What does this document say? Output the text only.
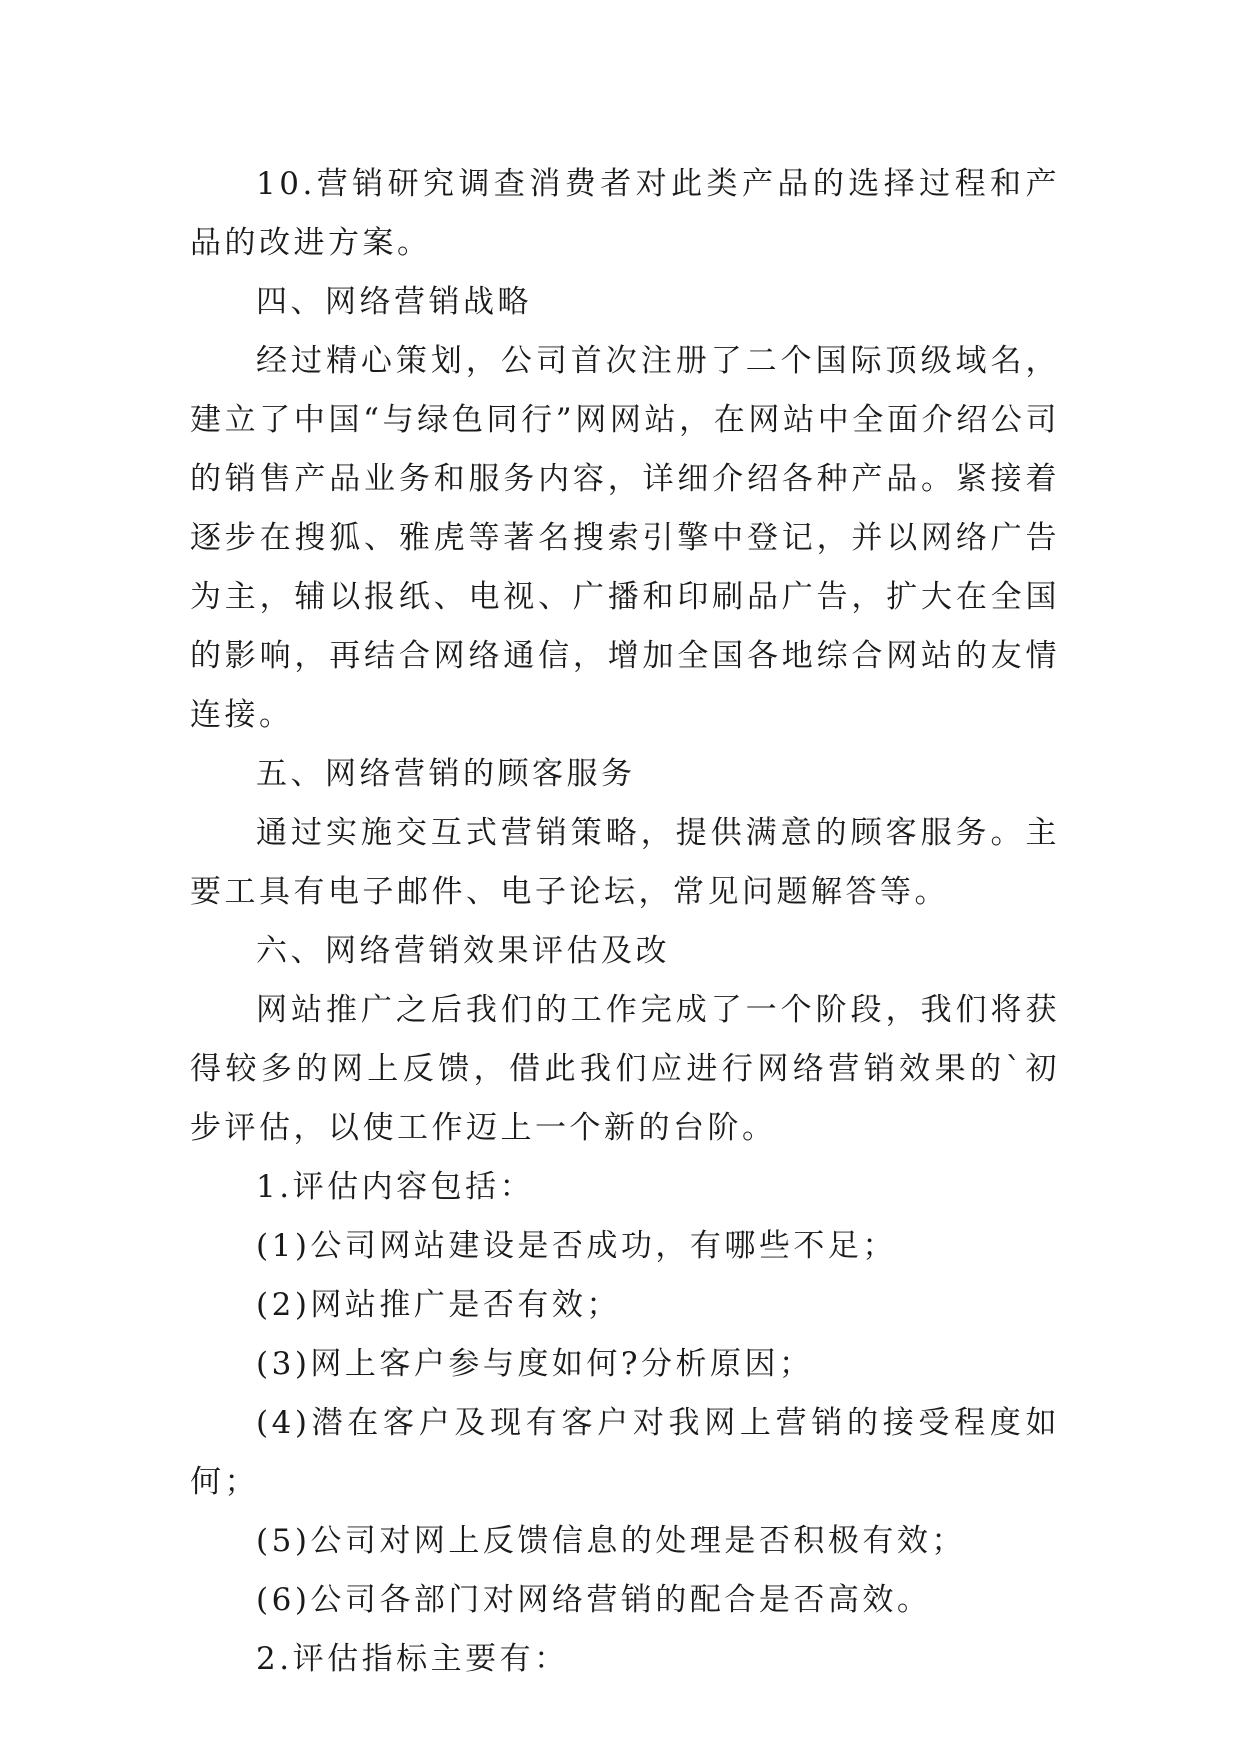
10.营销研究调查消费者对此类产品的选择过程和产品的改进方案。

四、网络营销战略

经过精心策划，公司首次注册了二个国际顶级域名，建立了中国“与绿色同行”网网站，在网站中全面介绍公司的销售产品业务和服务内容，详细介绍各种产品。紧接着逐步在搜狐、雅虎等著名搜索引擎中登记，并以网络广告为主，辅以报纸、电视、广播和印刷品广告，扩大在全国的影响，再结合网络通信，增加全国各地综合网站的友情连接。

五、网络营销的顾客服务

通过实施交互式营销策略，提供满意的顾客服务。主要工具有电子邮件、电子论坛，常见问题解答等。

六、网络营销效果评估及改

网站推广之后我们的工作完成了一个阶段，我们将获得较多的网上反馈，借此我们应进行网络营销效果的`初步评估，以使工作迈上一个新的台阶。

1.评估内容包括：

(1)公司网站建设是否成功，有哪些不足；

(2)网站推广是否有效；

(3)网上客户参与度如何?分析原因；

(4)潜在客户及现有客户对我网上营销的接受程度如何；

(5)公司对网上反馈信息的处理是否积极有效；

(6)公司各部门对网络营销的配合是否高效。

2.评估指标主要有：
